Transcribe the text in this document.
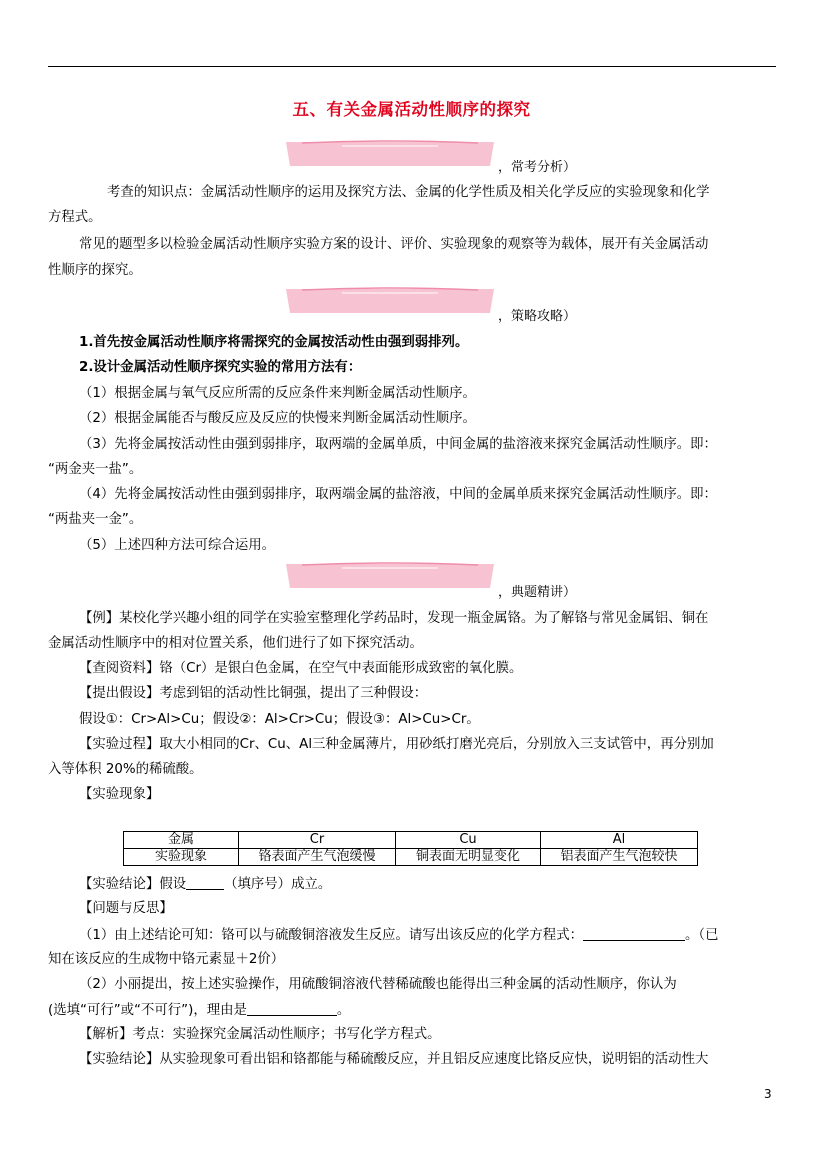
五、有关金属活动性顺序的探究
，常考分析）
考查的知识点：金属活动性顺序的运用及探究方法、金属的化学性质及相关化学反应的实验现象和化学
方程式。
常见的题型多以检验金属活动性顺序实验方案的设计、评价、实验现象的观察等为载体，展开有关金属活动
性顺序的探究。
，策略攻略）
1.首先按金属活动性顺序将需探究的金属按活动性由强到弱排列。
2.设计金属活动性顺序探究实验的常用方法有：
（1）根据金属与氧气反应所需的反应条件来判断金属活动性顺序。
（2）根据金属能否与酸反应及反应的快慢来判断金属活动性顺序。
（3）先将金属按活动性由强到弱排序，取两端的金属单质，中间金属的盐溶液来探究金属活动性顺序。即：
“两金夹一盐”。
（4）先将金属按活动性由强到弱排序，取两端金属的盐溶液，中间的金属单质来探究金属活动性顺序。即：
“两盐夹一金”。
（5）上述四种方法可综合运用。
，典题精讲）
【例】某校化学兴趣小组的同学在实验室整理化学药品时，发现一瓶金属铬。为了解铬与常见金属铝、铜在
金属活动性顺序中的相对位置关系，他们进行了如下探究活动。
【查阅资料】铬（Cr）是银白色金属，在空气中表面能形成致密的氧化膜。
【提出假设】考虑到铝的活动性比铜强，提出了三种假设：
假设①：Cr>Al>Cu；假设②：Al>Cr>Cu；假设③：Al>Cu>Cr。
【实验过程】取大小相同的Cr、Cu、Al三种金属薄片，用砂纸打磨光亮后，分别放入三支试管中，再分别加
入等体积 20%的稀硫酸。
【实验现象】
金属	Cr	Cu	Al
实验现象	铬表面产生气泡缓慢	铜表面无明显变化	铝表面产生气泡较快
【实验结论】假设	（填序号）成立。
【问题与反思】
（1）由上述结论可知：铬可以与硫酸铜溶液发生反应。请写出该反应的化学方程式：	。（已
知在该反应的生成物中铬元素显＋2价）
（2）小丽提出，按上述实验操作，用硫酸铜溶液代替稀硫酸也能得出三种金属的活动性顺序，你认为
(选填“可行”或“不可行”)，理由是	。
【解析】考点：实验探究金属活动性顺序；书写化学方程式。
【实验结论】从实验现象可看出铝和铬都能与稀硫酸反应，并且铝反应速度比铬反应快，说明铝的活动性大
3
